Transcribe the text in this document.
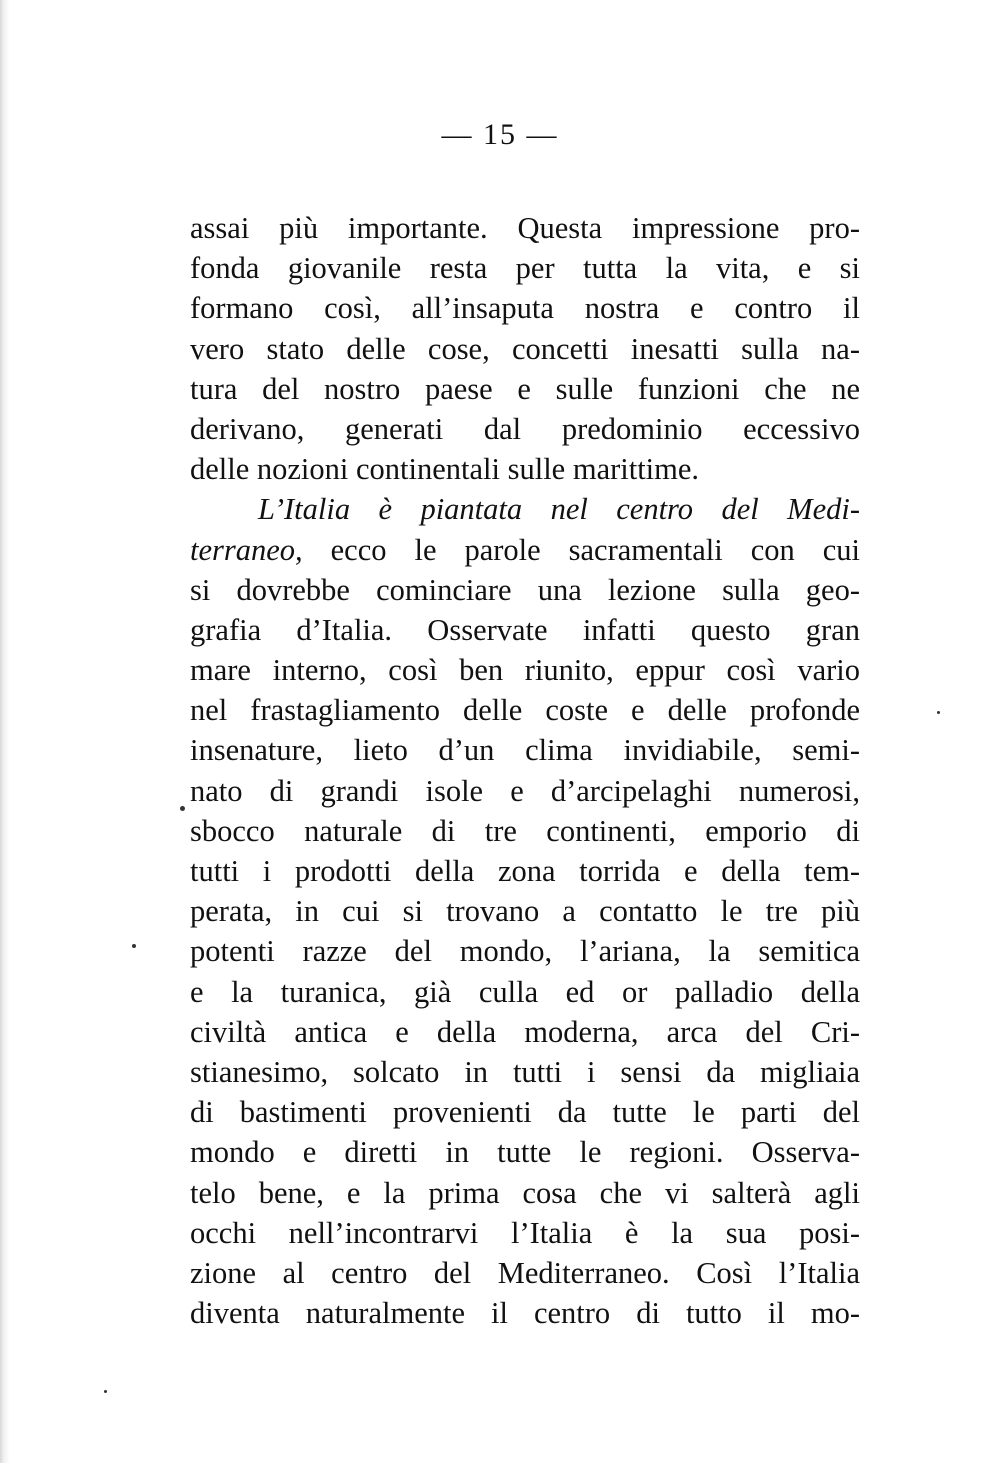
— 15 —
assai più importante. Questa impressione pro-
fonda giovanile resta per tutta la vita, e si
formano così, all’insaputa nostra e contro il
vero stato delle cose, concetti inesatti sulla na-
tura del nostro paese e sulle funzioni che ne
derivano, generati dal predominio eccessivo
delle nozioni continentali sulle marittime.
L’Italia è piantata nel centro del Medi-
terraneo, ecco le parole sacramentali con cui
si dovrebbe cominciare una lezione sulla geo-
grafia d’Italia. Osservate infatti questo gran
mare interno, così ben riunito, eppur così vario
nel frastagliamento delle coste e delle profonde
insenature, lieto d’un clima invidiabile, semi-
nato di grandi isole e d’arcipelaghi numerosi,
sbocco naturale di tre continenti, emporio di
tutti i prodotti della zona torrida e della tem-
perata, in cui si trovano a contatto le tre più
potenti razze del mondo, l’ariana, la semitica
e la turanica, già culla ed or palladio della
civiltà antica e della moderna, arca del Cri-
stianesimo, solcato in tutti i sensi da migliaia
di bastimenti provenienti da tutte le parti del
mondo e diretti in tutte le regioni. Osserva-
telo bene, e la prima cosa che vi salterà agli
occhi nell’incontrarvi l’Italia è la sua posi-
zione al centro del Mediterraneo. Così l’Italia
diventa naturalmente il centro di tutto il mo-
